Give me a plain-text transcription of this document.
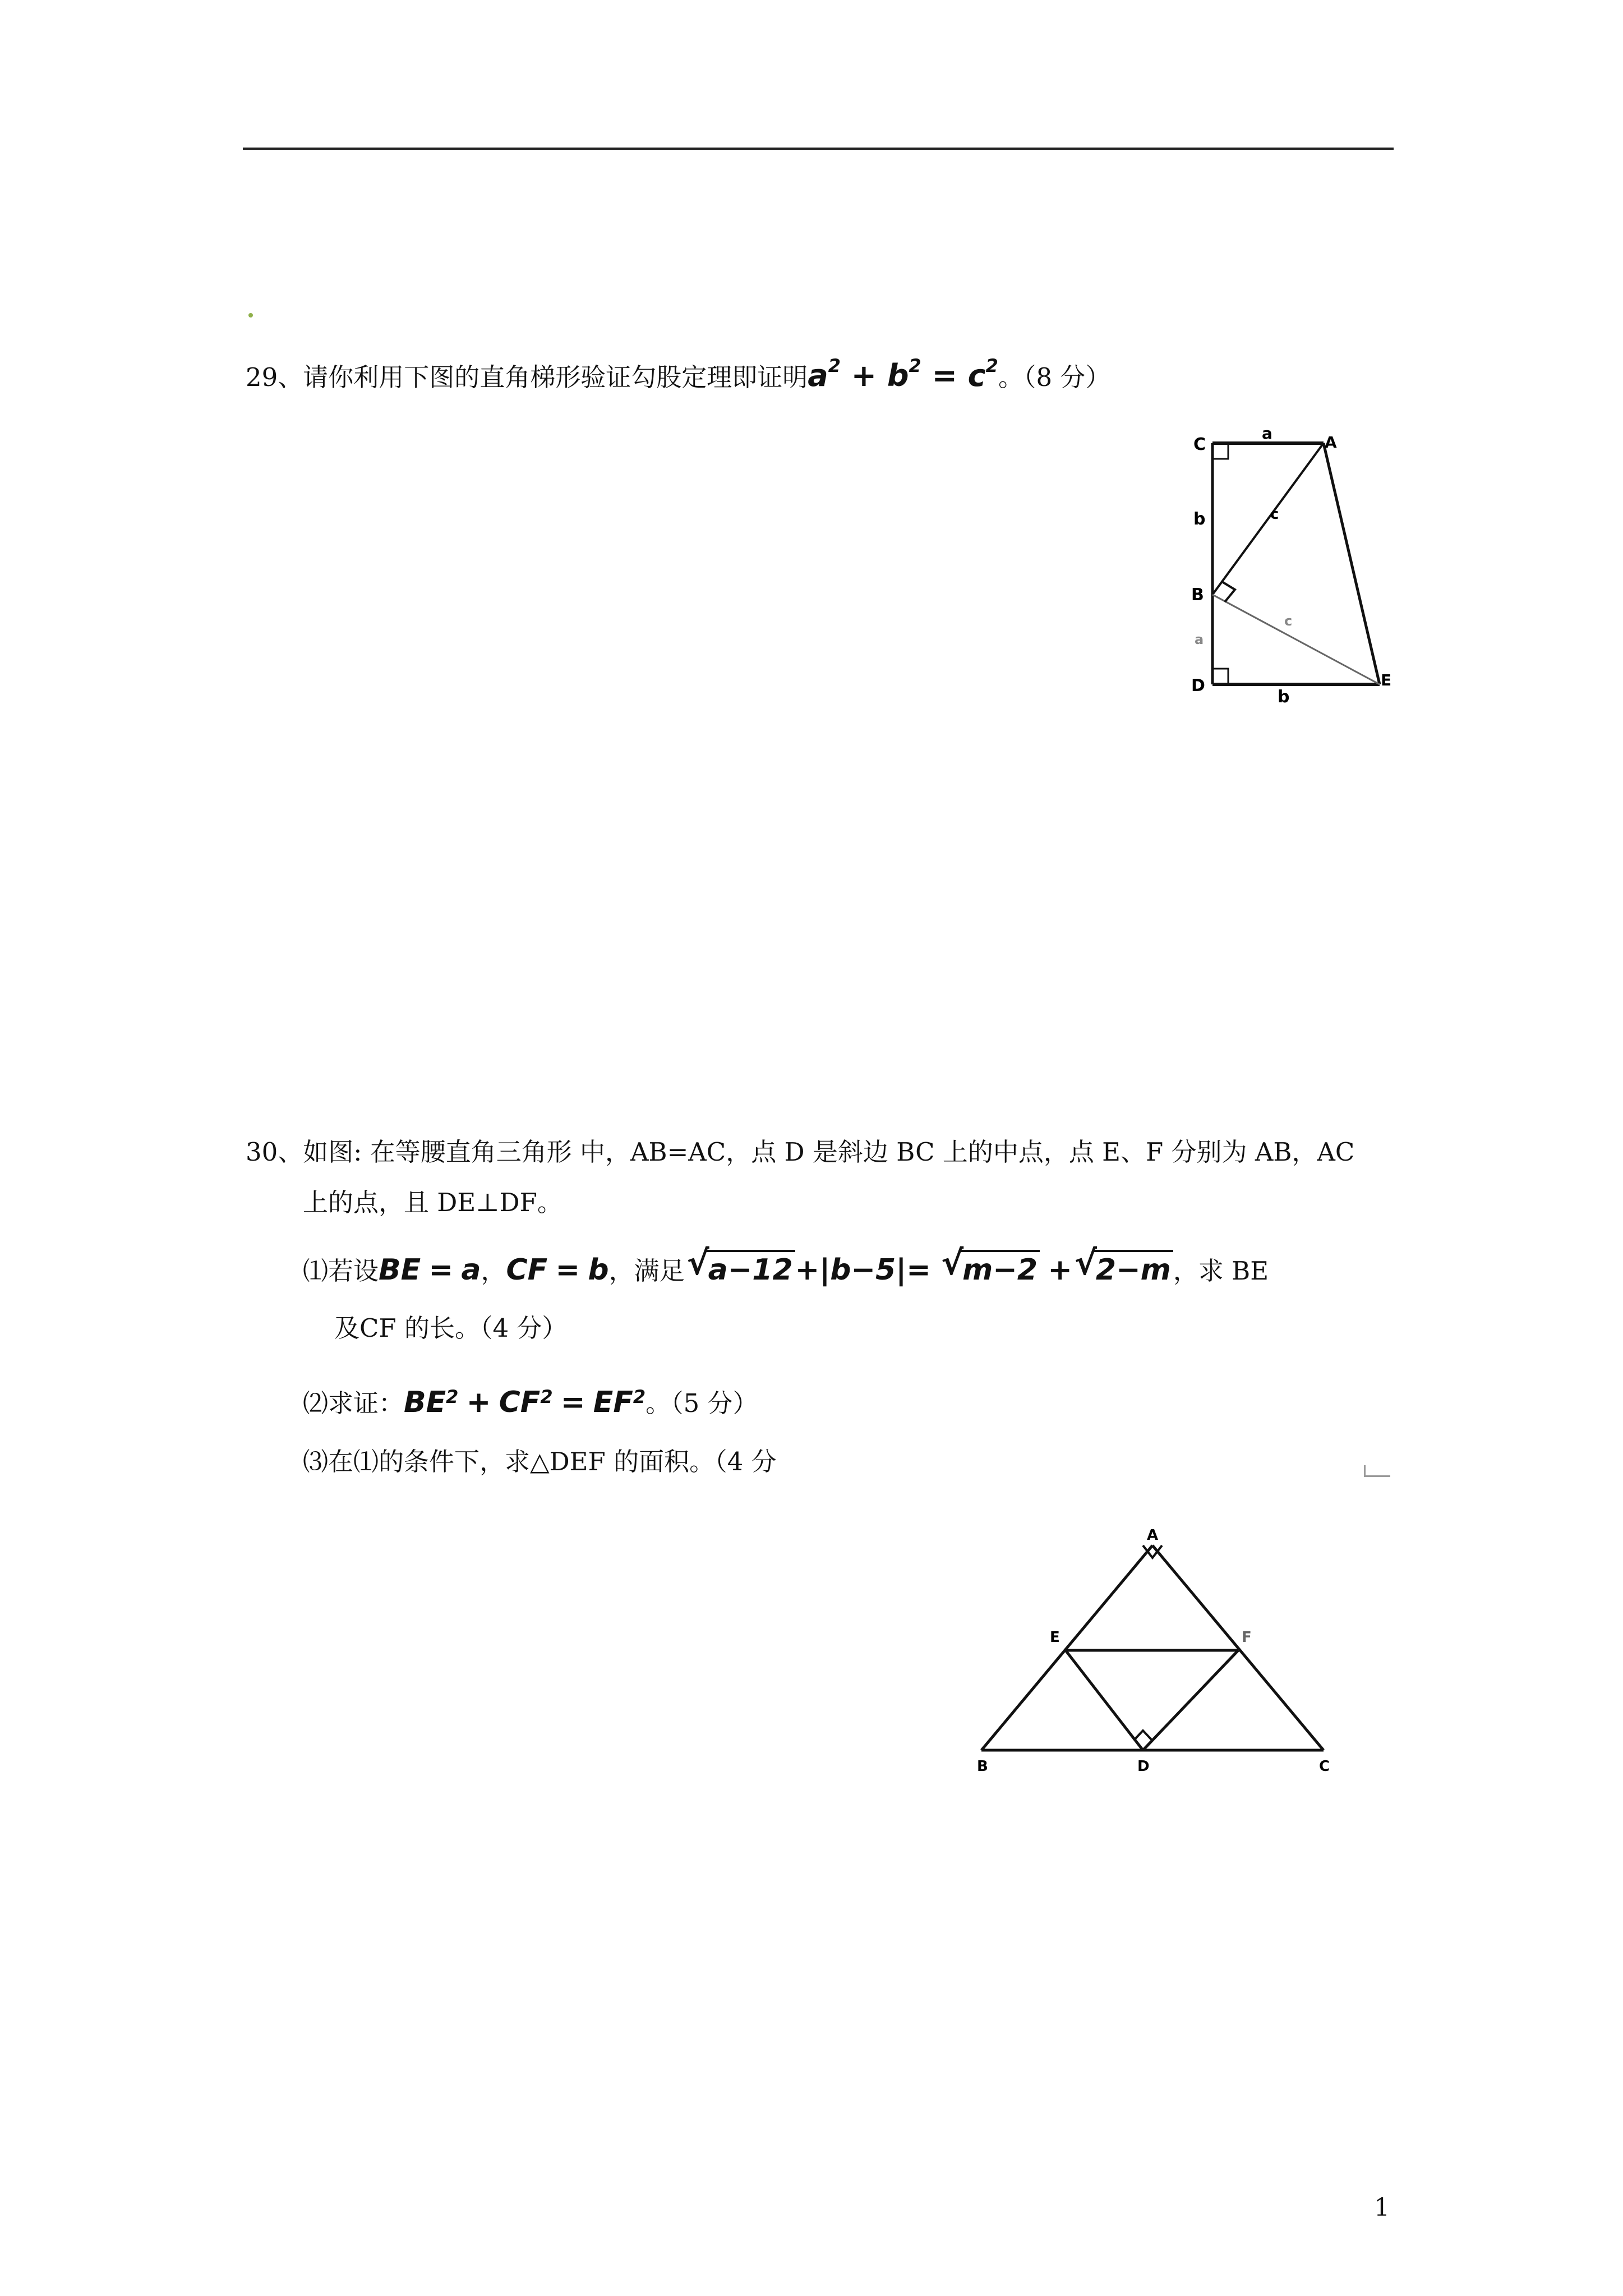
29、请你利用下图的直角梯形验证勾股定理即证明$a^2 + b^2 = c^2$。（8 分）
C	A
B
D	E
a
b
a
b
c
c
30、如图: 在等腰直角三角形 中，AB=AC，点 D 是斜边 BC 上的中点，点 E、F 分别为 AB，AC
上的点，且 DE⊥DF。
⑴若设BE = a，CF = b，满足 √
a−12+|b−5|= √
m−2 + √
2−m，求 BE
及CF 的长。（4 分）
⑵求证：$BE^2 + CF^2 = EF^2$。（5 分）
⑶在⑴的条件下，求△DEF 的面积。（4 分
A
E	F
B	D	C
1
